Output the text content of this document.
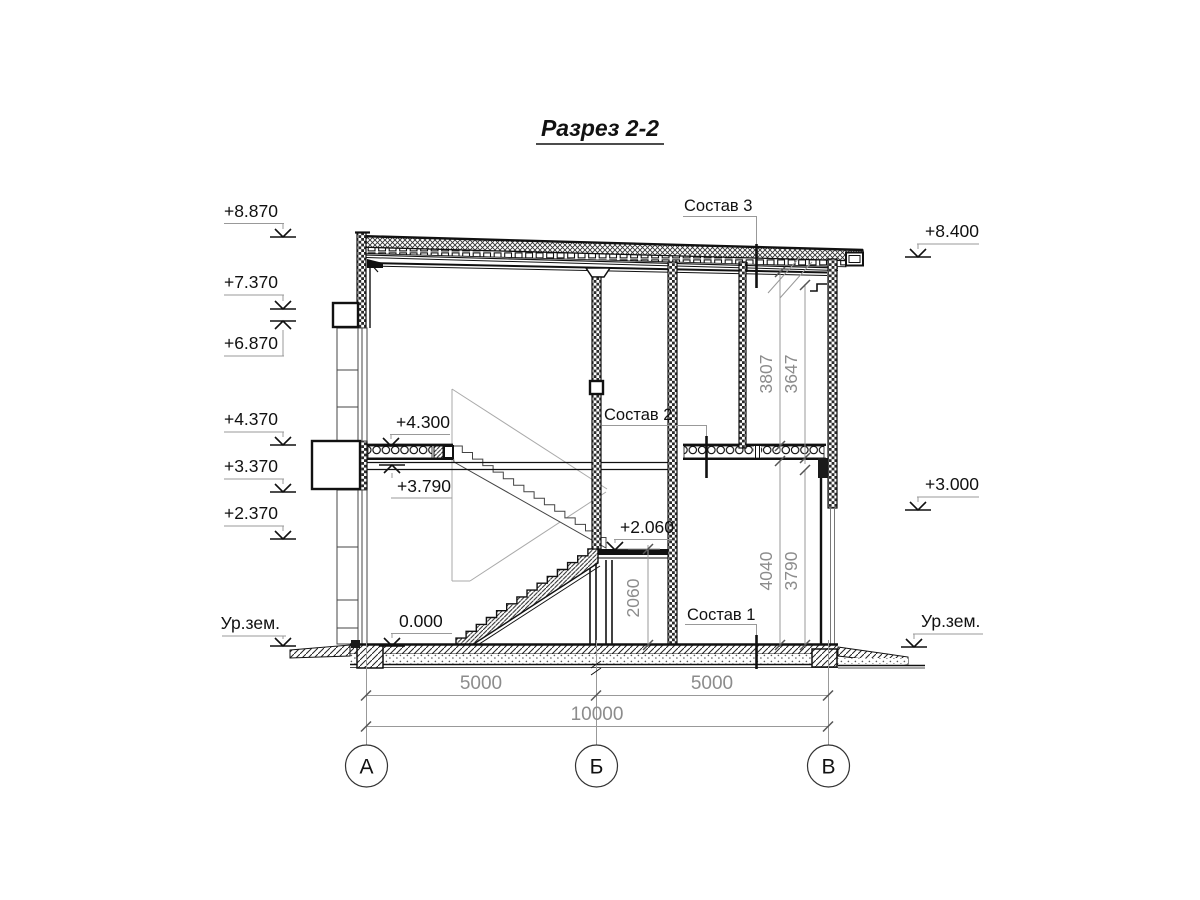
5000	5000
10000
А	Б	В
3807 3647
4040 3790
2060
Состав 3
Состав 2
Состав 1
+8.870
+7.370
+6.870
+4.370
+3.370
+2.370
Ур.зем.
+8.400
+3.000
Ур.зем.
+4.300
+3.790
+2.060
0.000
Разрез 2-2
